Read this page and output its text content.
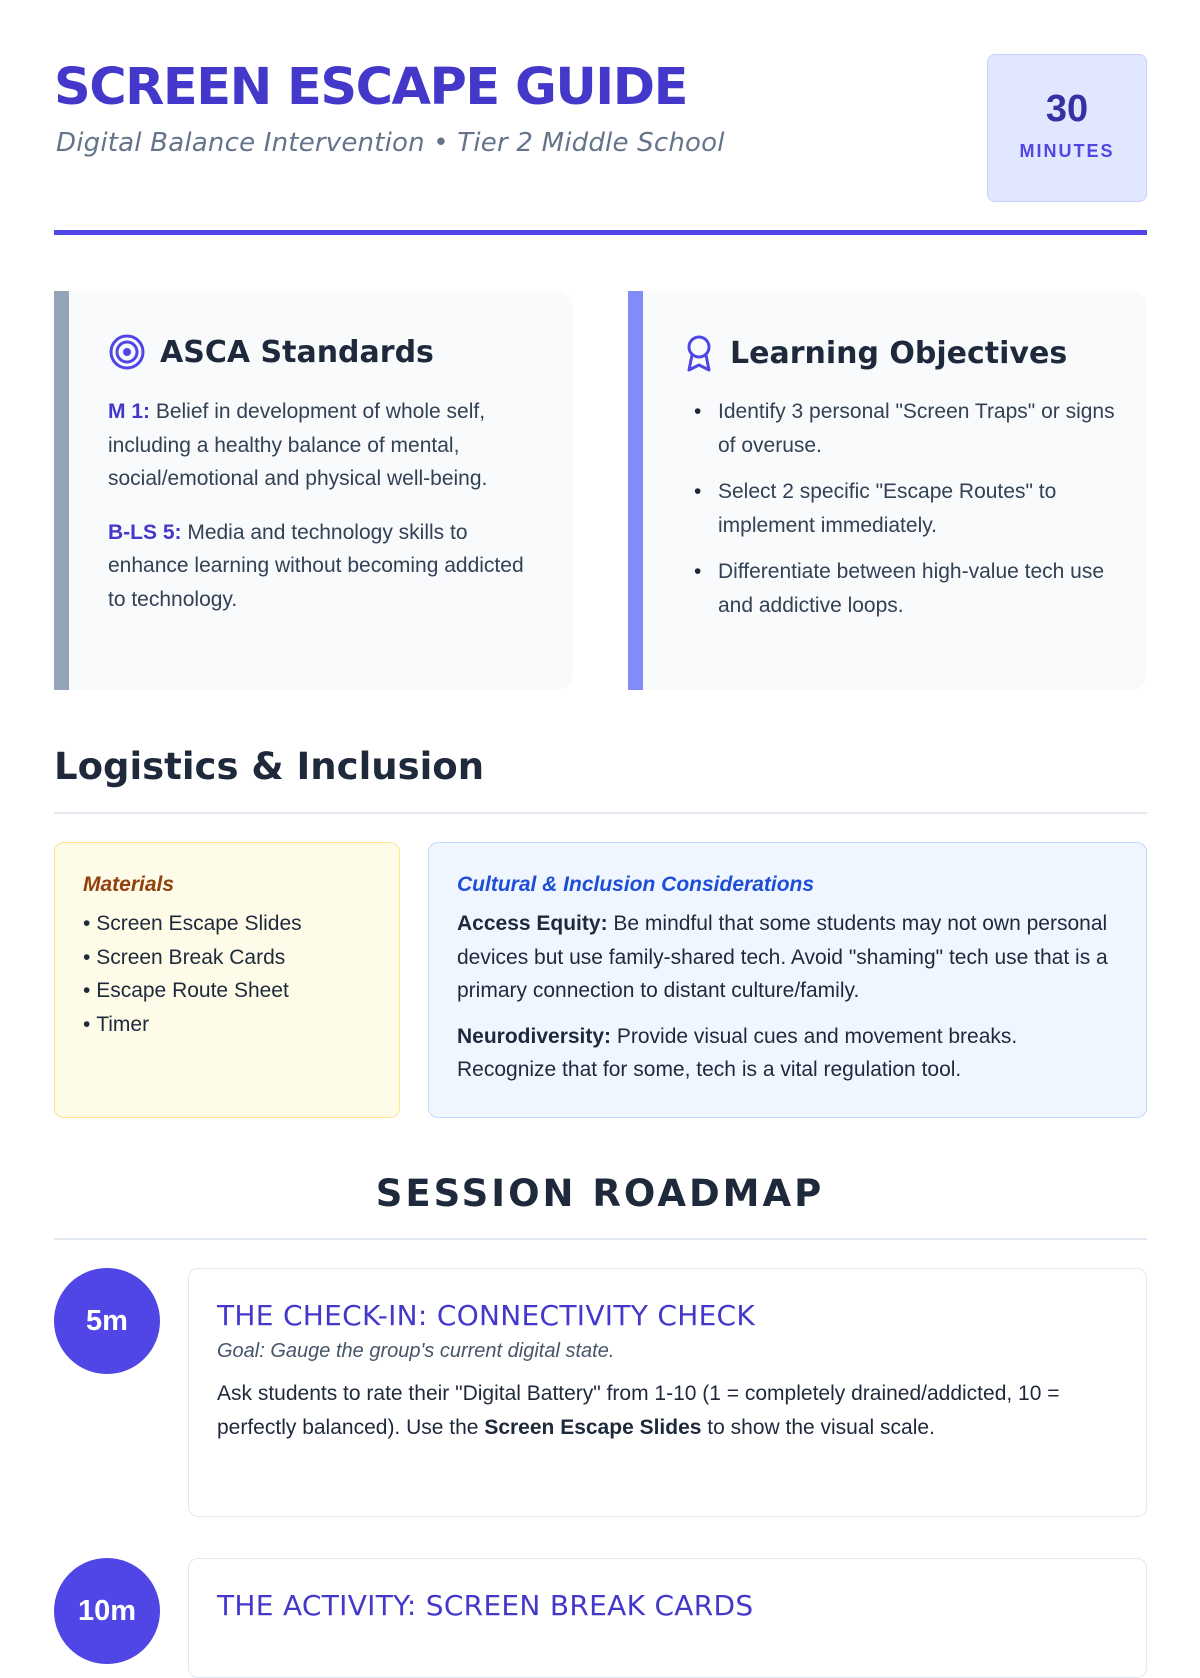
SCREEN ESCAPE GUIDE
Digital Balance Intervention • Tier 2 Middle School
30
MINUTES
ASCA Standards

M 1: Belief in development of whole self, including a healthy balance of mental, social/emotional and physical well-being.

B-LS 5: Media and technology skills to enhance learning without becoming addicted to technology.

Learning Objectives
• Identify 3 personal "Screen Traps" or signs of overuse.
• Select 2 specific "Escape Routes" to implement immediately.
• Differentiate between high-value tech use and addictive loops.
Logistics & Inclusion
Materials
• Screen Escape Slides
• Screen Break Cards
• Escape Route Sheet
• Timer
Cultural & Inclusion Considerations

Access Equity: Be mindful that some students may not own personal devices but use family-shared tech. Avoid "shaming" tech use that is a primary connection to distant culture/family.

Neurodiversity: Provide visual cues and movement breaks. Recognize that for some, tech is a vital regulation tool.

SESSION ROADMAP
5m	THE CHECK-IN: CONNECTIVITY CHECK
Goal: Gauge the group's current digital state.
Ask students to rate their "Digital Battery" from 1-10 (1 = completely drained/addicted, 10 = perfectly balanced). Use the Screen Escape Slides to show the visual scale.
10m	THE ACTIVITY: SCREEN BREAK CARDS
